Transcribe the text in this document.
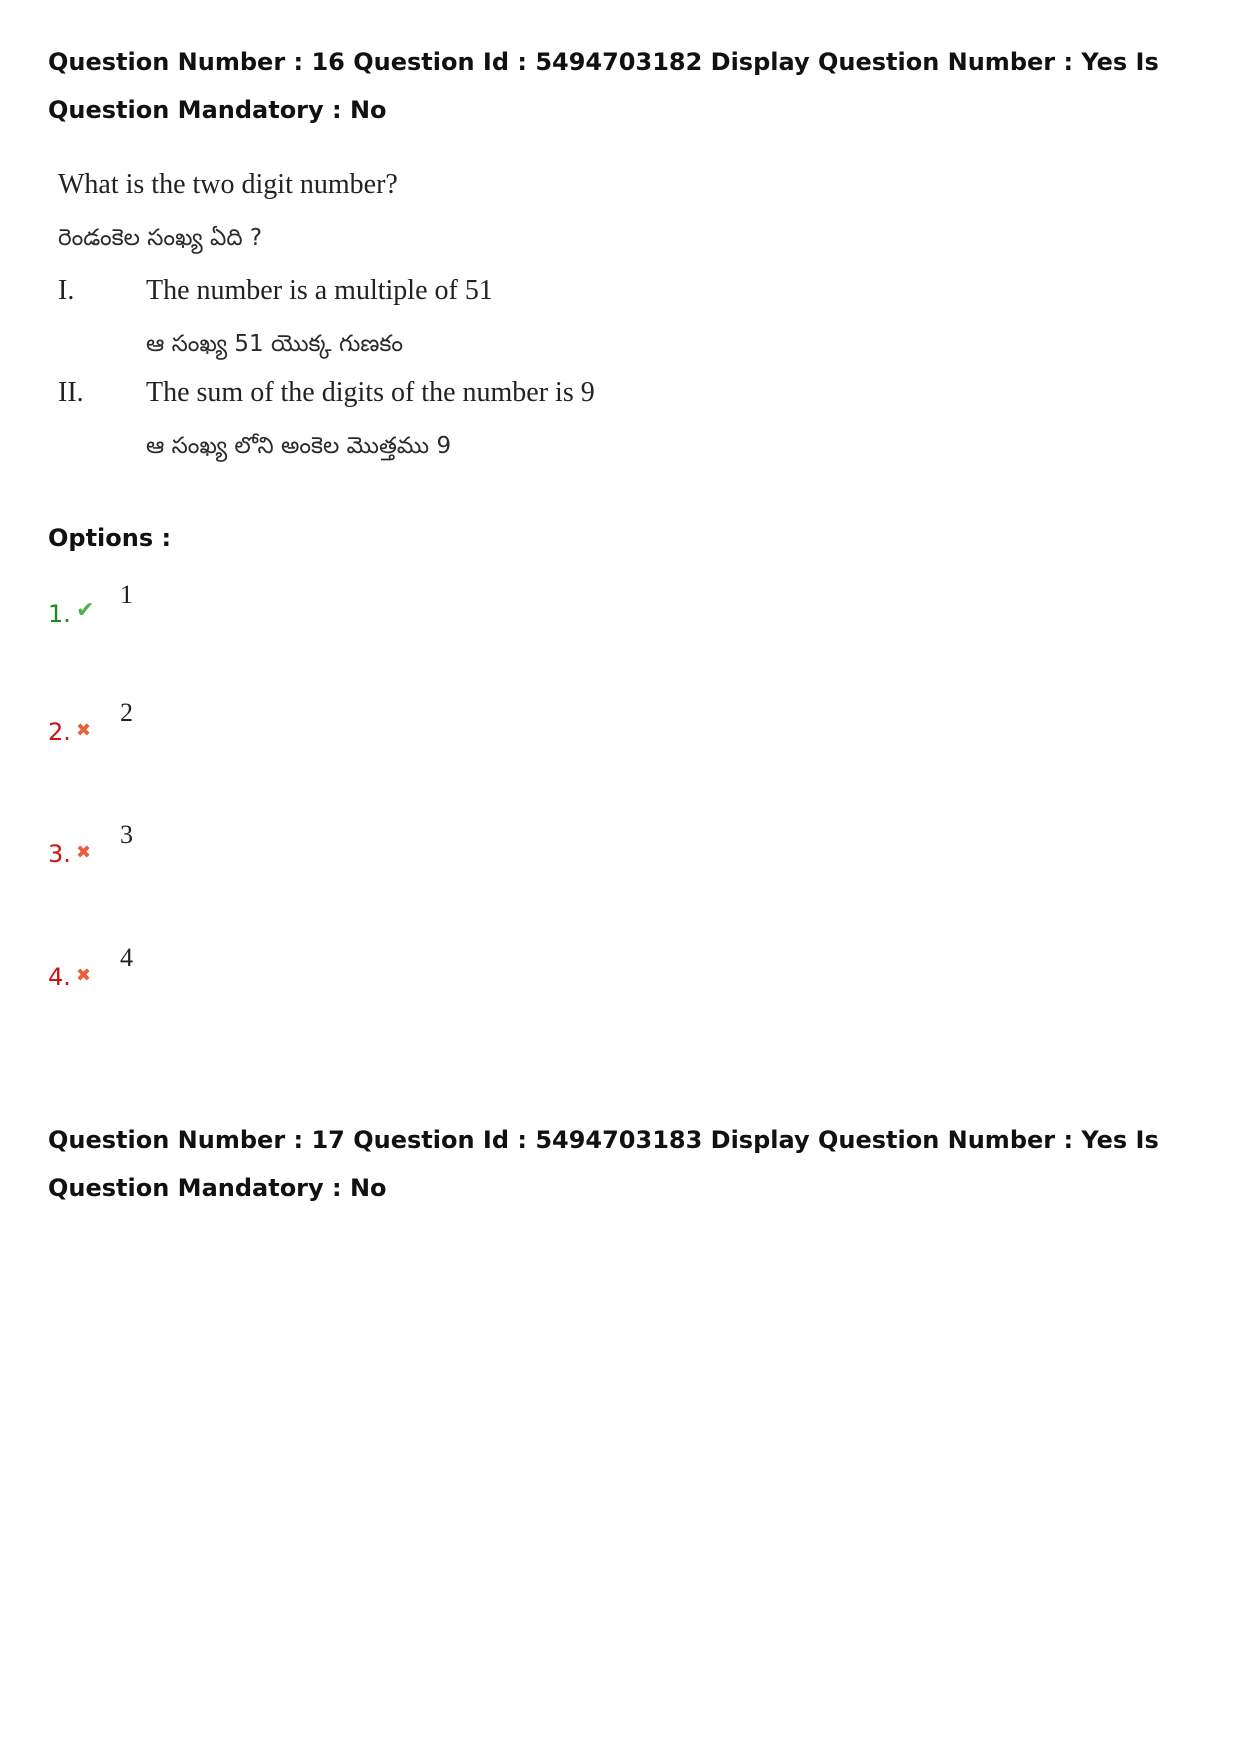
Question Number : 16 Question Id : 5494703182 Display Question Number : Yes Is Question Mandatory : No
What is the two digit number?
రెండంకెల సంఖ్య ఏది ?
I.	The number is a multiple of 51
ఆ సంఖ్య 51 యొక్క గుణకం
II. The sum of the digits of the number is 9
ఆ సంఖ్య లోని అంకెల మొత్తము 9
Options :
1. ✔
1
2. ✖
2
3. ✖
3
4. ✖
4
Question Number : 17 Question Id : 5494703183 Display Question Number : Yes Is Question Mandatory : No
